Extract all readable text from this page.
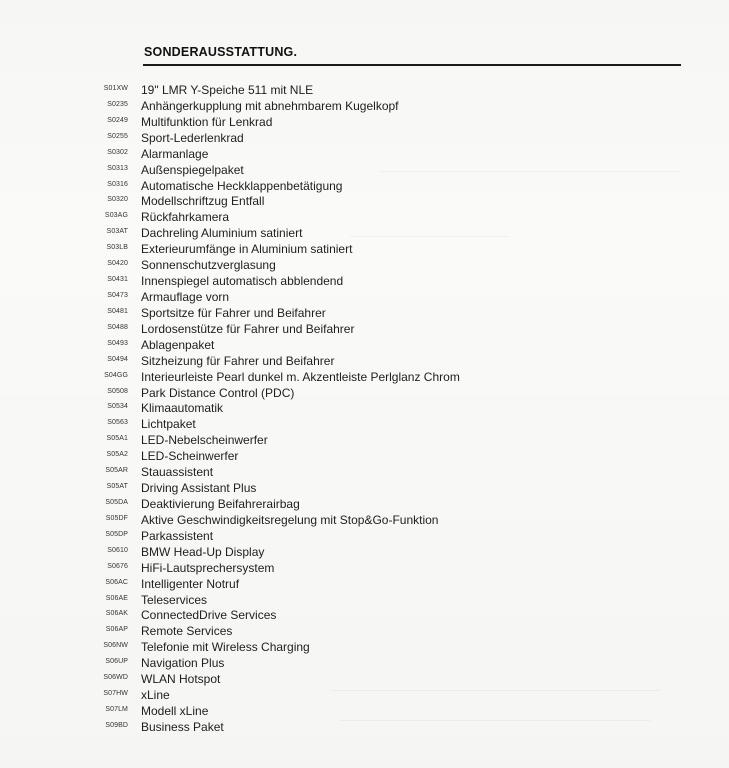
SONDERAUSSTATTUNG.
S01XW 19" LMR Y-Speiche 511 mit NLE
S0235 Anhängerkupplung mit abnehmbarem Kugelkopf
S0249 Multifunktion für Lenkrad
S0255 Sport-Lederlenkrad
S0302 Alarmanlage
S0313 Außenspiegelpaket
S0316 Automatische Heckklappenbetätigung
S0320 Modellschriftzug Entfall
S03AG Rückfahrkamera
S03AT Dachreling Aluminium satiniert
S03LB Exterieurumfänge in Aluminium satiniert
S0420 Sonnenschutzverglasung
S0431 Innenspiegel automatisch abblendend
S0473 Armauflage vorn
S0481 Sportsitze für Fahrer und Beifahrer
S0488 Lordosenstütze für Fahrer und Beifahrer
S0493 Ablagenpaket
S0494 Sitzheizung für Fahrer und Beifahrer
S04GG Interieurleiste Pearl dunkel m. Akzentleiste Perlglanz Chrom
S0508 Park Distance Control (PDC)
S0534 Klimaautomatik
S0563 Lichtpaket
S05A1 LED-Nebelscheinwerfer
S05A2 LED-Scheinwerfer
S05AR Stauassistent
S05AT Driving Assistant Plus
S05DA Deaktivierung Beifahrerairbag
S05DF Aktive Geschwindigkeitsregelung mit Stop&Go-Funktion
S05DP Parkassistent
S0610 BMW Head-Up Display
S0676 HiFi-Lautsprechersystem
S06AC Intelligenter Notruf
S06AE Teleservices
S06AK ConnectedDrive Services
S06AP Remote Services
S06NW Telefonie mit Wireless Charging
S06UP Navigation Plus
S06WD WLAN Hotspot
S07HW xLine
S07LM Modell xLine
S09BD Business Paket
